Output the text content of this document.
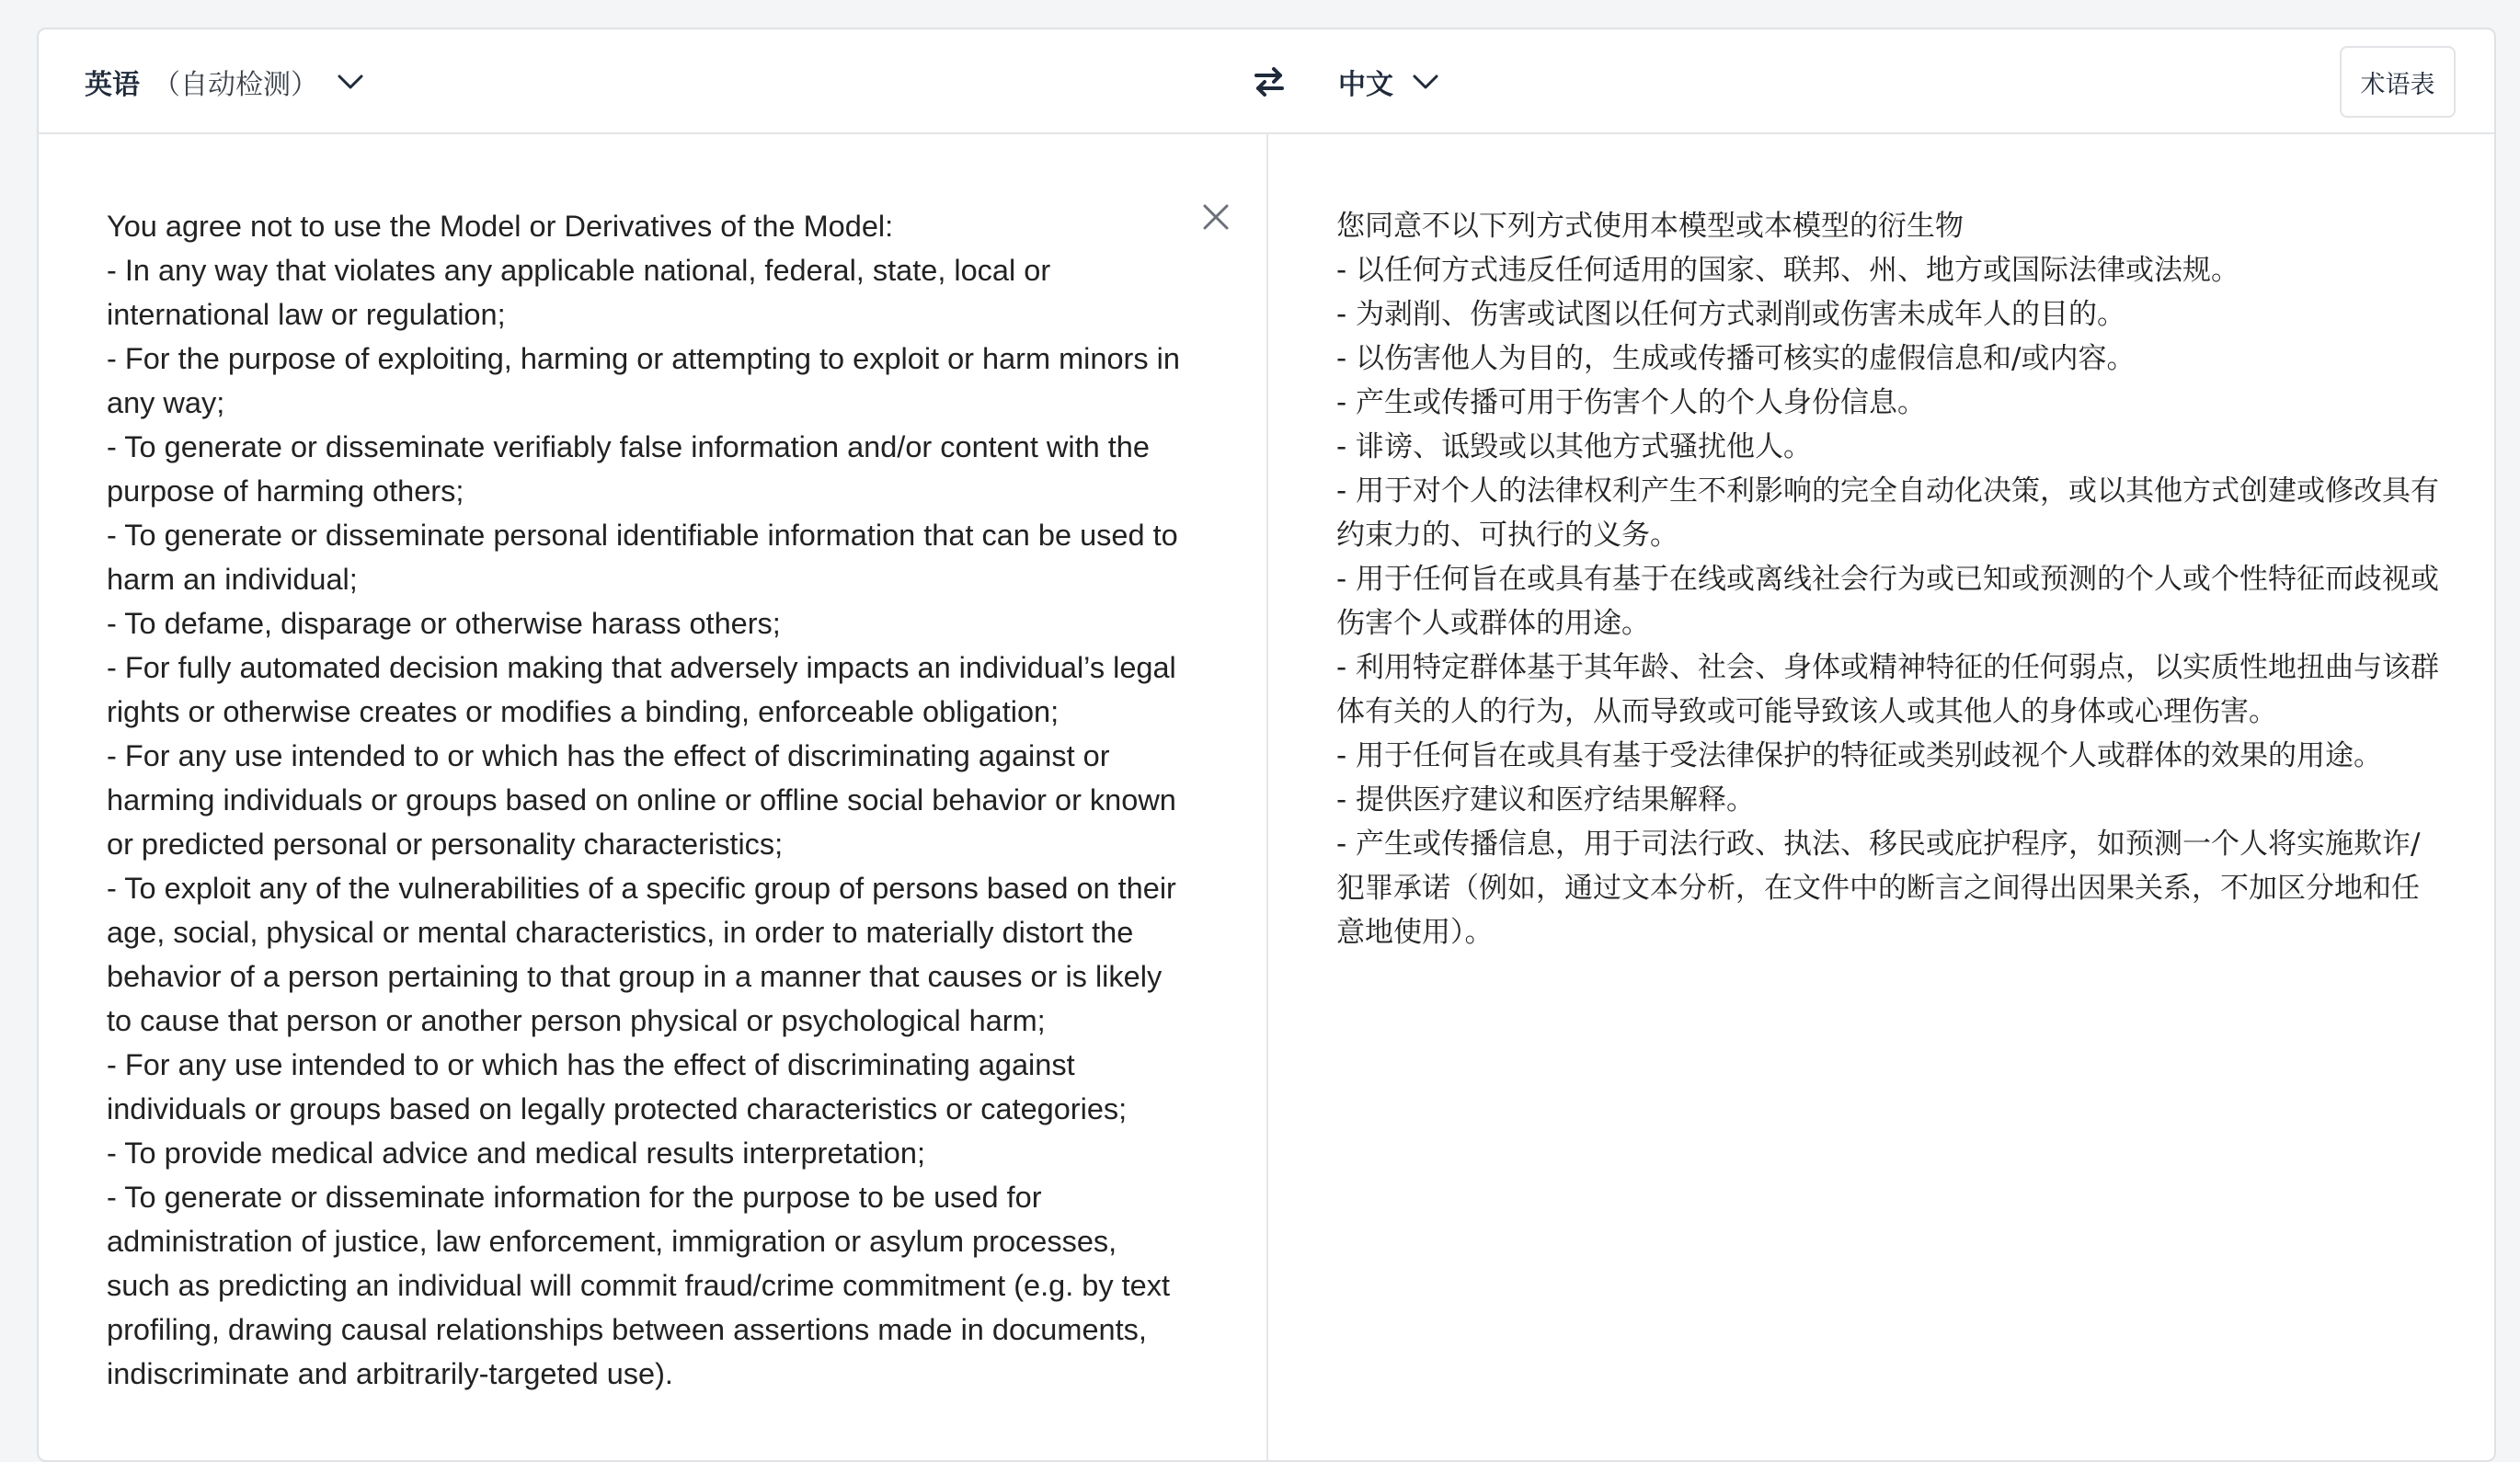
英语 （自动检测）	中文	术语表
You agree not to use the Model or Derivatives of the Model:
- In any way that violates any applicable national, federal, state, local or international law or regulation;
- For the purpose of exploiting, harming or attempting to exploit or harm minors in any way;
- To generate or disseminate verifiably false information and/or content with the purpose of harming others;
- To generate or disseminate personal identifiable information that can be used to harm an individual;
- To defame, disparage or otherwise harass others;
- For fully automated decision making that adversely impacts an individual’s legal rights or otherwise creates or modifies a binding, enforceable obligation;
- For any use intended to or which has the effect of discriminating against or harming individuals or groups based on online or offline social behavior or known or predicted personal or personality characteristics;
- To exploit any of the vulnerabilities of a specific group of persons based on their age, social, physical or mental characteristics, in order to materially distort the behavior of a person pertaining to that group in a manner that causes or is likely to cause that person or another person physical or psychological harm;
- For any use intended to or which has the effect of discriminating against individuals or groups based on legally protected characteristics or categories;
- To provide medical advice and medical results interpretation;
- To generate or disseminate information for the purpose to be used for administration of justice, law enforcement, immigration or asylum processes, such as predicting an individual will commit fraud/crime commitment (e.g. by text profiling, drawing causal relationships between assertions made in documents, indiscriminate and arbitrarily-targeted use).
您同意不以下列方式使用本模型或本模型的衍生物
- 以任何方式违反任何适用的国家、联邦、州、地方或国际法律或法规。
- 为剥削、伤害或试图以任何方式剥削或伤害未成年人的目的。
- 以伤害他人为目的，生成或传播可核实的虚假信息和/或内容。
- 产生或传播可用于伤害个人的个人身份信息。
- 诽谤、诋毁或以其他方式骚扰他人。
- 用于对个人的法律权利产生不利影响的完全自动化决策，或以其他方式创建或修改具有约束力的、可执行的义务。
- 用于任何旨在或具有基于在线或离线社会行为或已知或预测的个人或个性特征而歧视或伤害个人或群体的用途。
- 利用特定群体基于其年龄、社会、身体或精神特征的任何弱点，以实质性地扭曲与该群体有关的人的行为，从而导致或可能导致该人或其他人的身体或心理伤害。
- 用于任何旨在或具有基于受法律保护的特征或类别歧视个人或群体的效果的用途。
- 提供医疗建议和医疗结果解释。
- 产生或传播信息，用于司法行政、执法、移民或庇护程序，如预测一个人将实施欺诈/犯罪承诺（例如，通过文本分析，在文件中的断言之间得出因果关系，不加区分地和任意地使用）。
